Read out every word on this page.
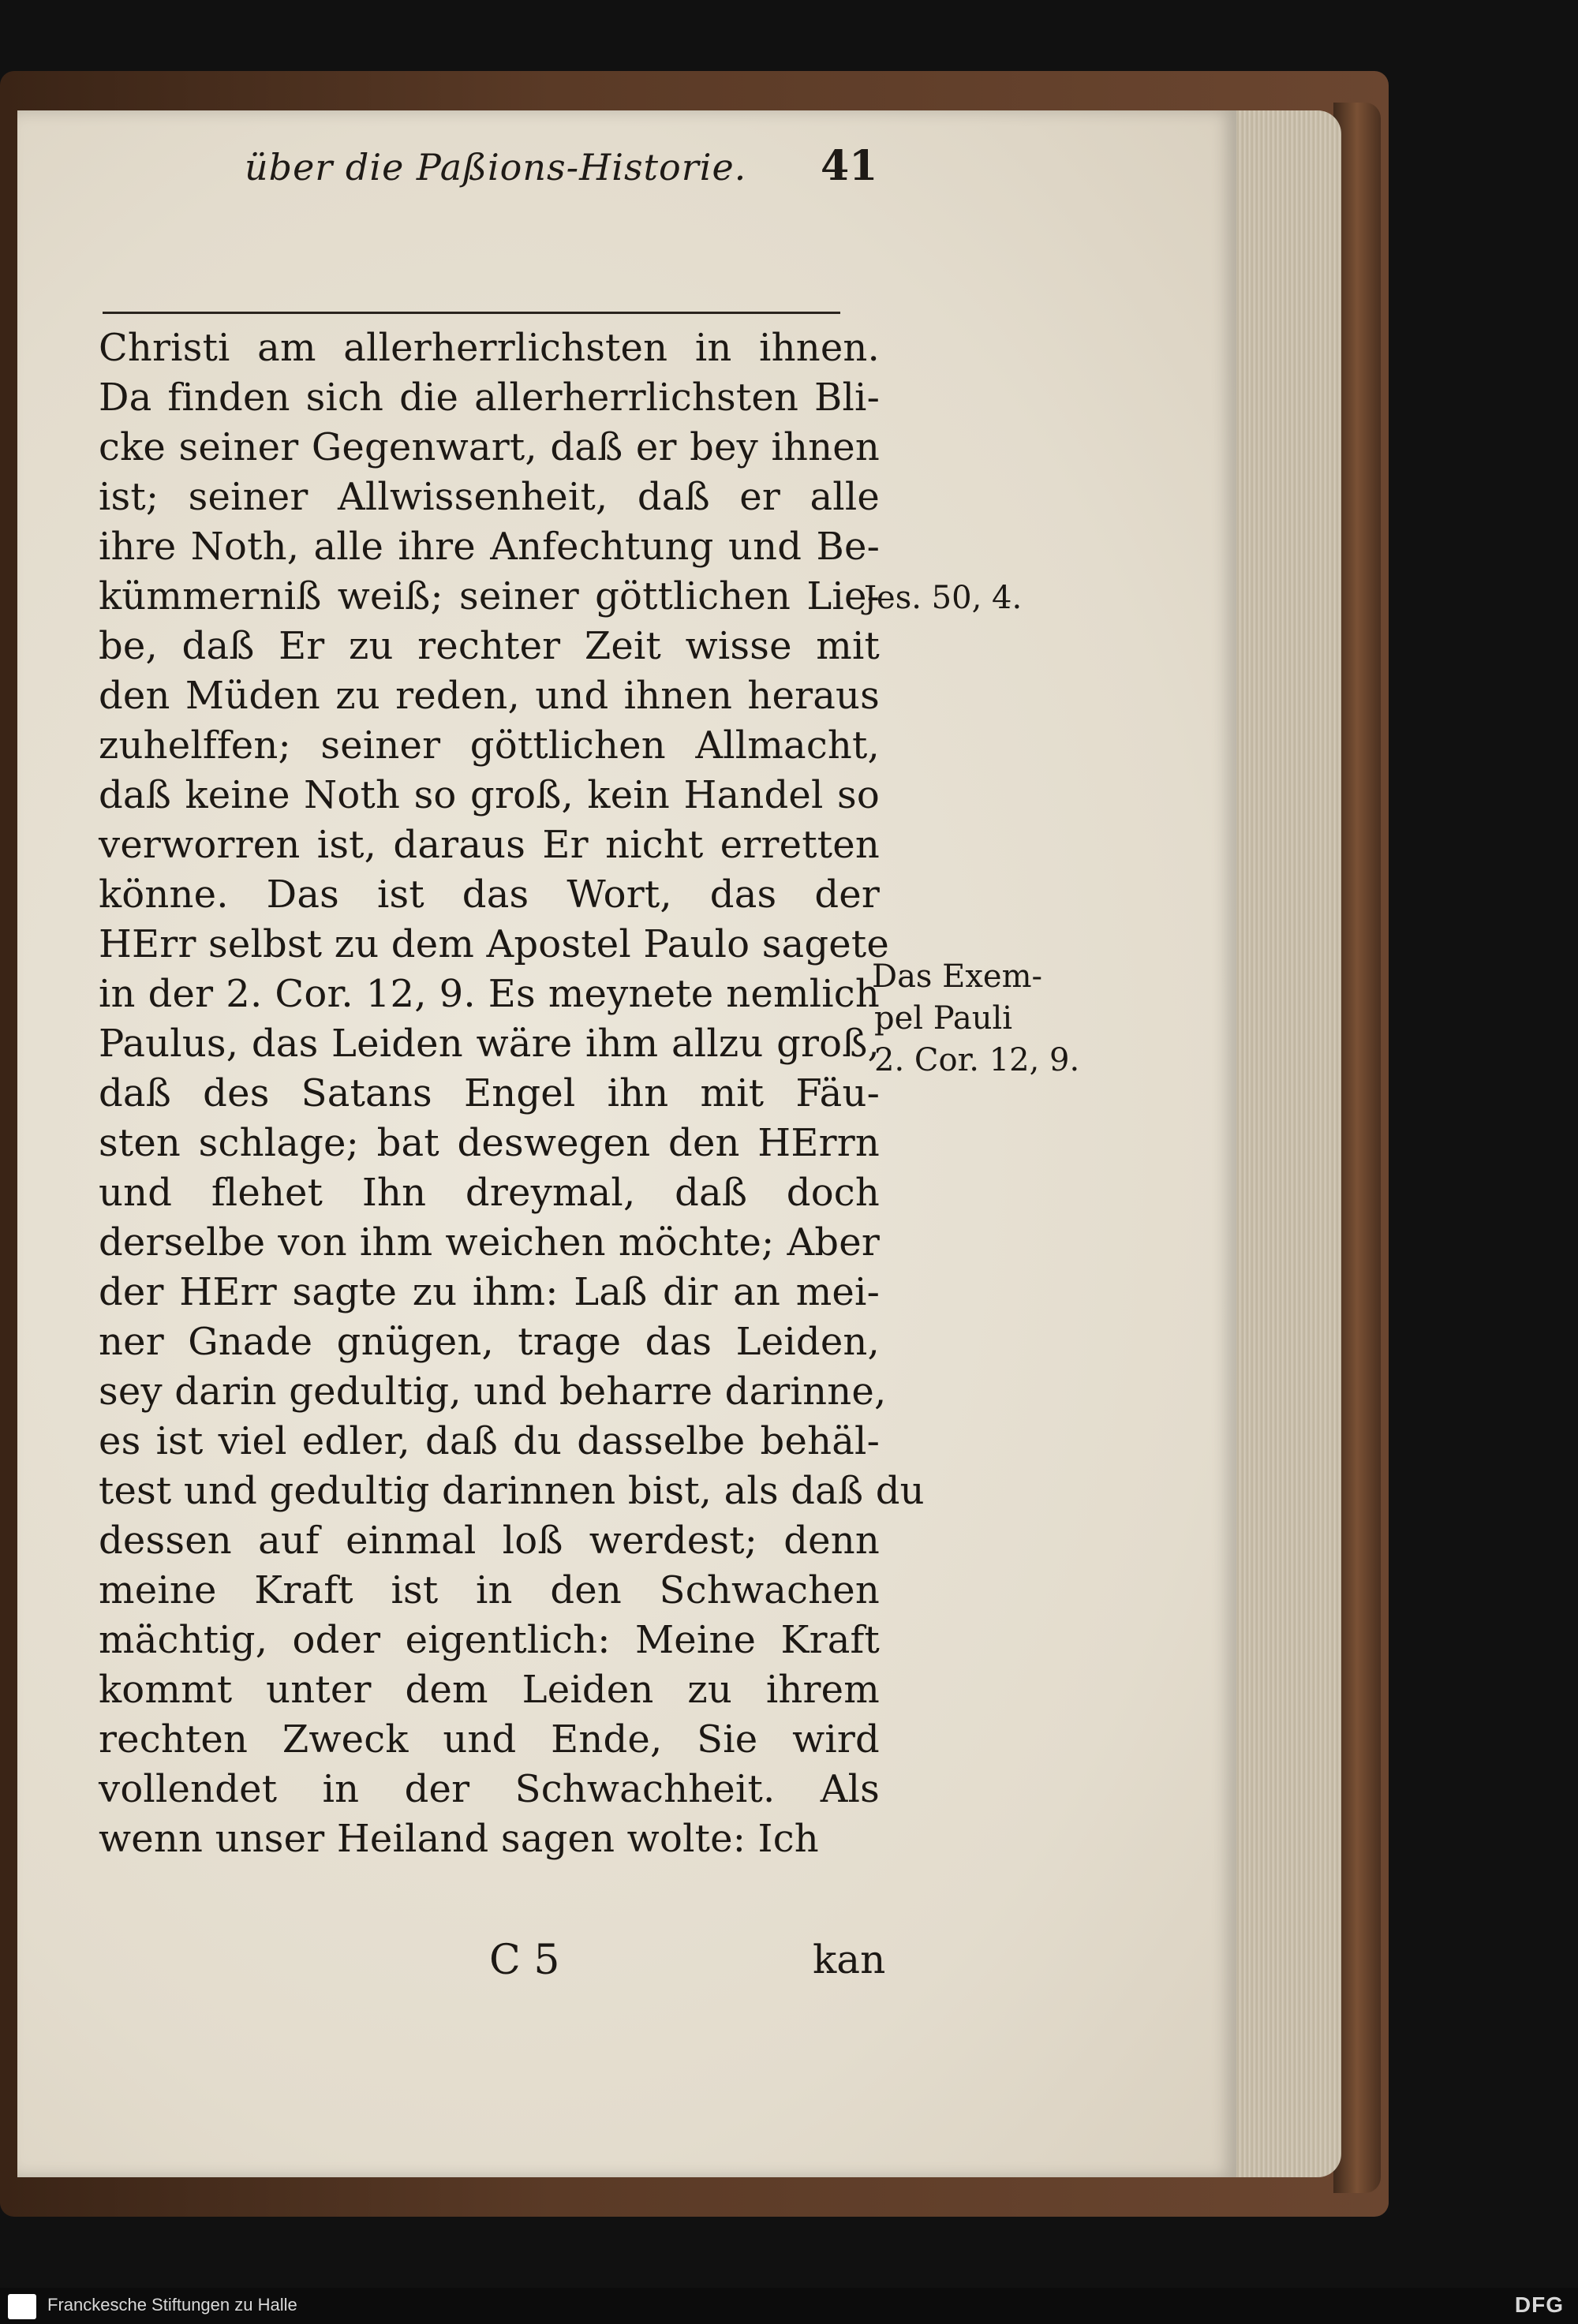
über die Paßions-Historie.	41
Christi am allerherrlichsten in ihnen.
Da finden sich die allerherrlichsten Bli-
cke seiner Gegenwart, daß er bey ihnen
ist; seiner Allwissenheit, daß er alle
ihre Noth, alle ihre Anfechtung und Be-
kümmerniß weiß; seiner göttlichen Lie-
be, daß Er zu rechter Zeit wisse mit
den Müden zu reden, und ihnen heraus
zuhelffen; seiner göttlichen Allmacht,
daß keine Noth so groß, kein Handel so
verworren ist, daraus Er nicht erretten
könne. Das ist das Wort, das der
HErr selbst zu dem Apostel Paulo sagete
in der 2. Cor. 12, 9. Es meynete nemlich
Paulus, das Leiden wäre ihm allzu groß,
daß des Satans Engel ihn mit Fäu-
sten schlage; bat deswegen den HErrn
und flehet Ihn dreymal, daß doch
derselbe von ihm weichen möchte; Aber
der HErr sagte zu ihm: Laß dir an mei-
ner Gnade gnügen, trage das Leiden,
sey darin gedultig, und beharre darinne,
es ist viel edler, daß du dasselbe behäl-
test und gedultig darinnen bist, als daß du
dessen auf einmal loß werdest; denn
meine Kraft ist in den Schwachen
mächtig, oder eigentlich: Meine Kraft
kommt unter dem Leiden zu ihrem
rechten Zweck und Ende, Sie wird
vollendet in der Schwachheit. Als
wenn unser Heiland sagen wolte: Ich
Jes. 50, 4.
Das Exem-
pel Pauli
2. Cor. 12, 9.
C 5	kan
Franckesche Stiftungen zu Halle	DFG
